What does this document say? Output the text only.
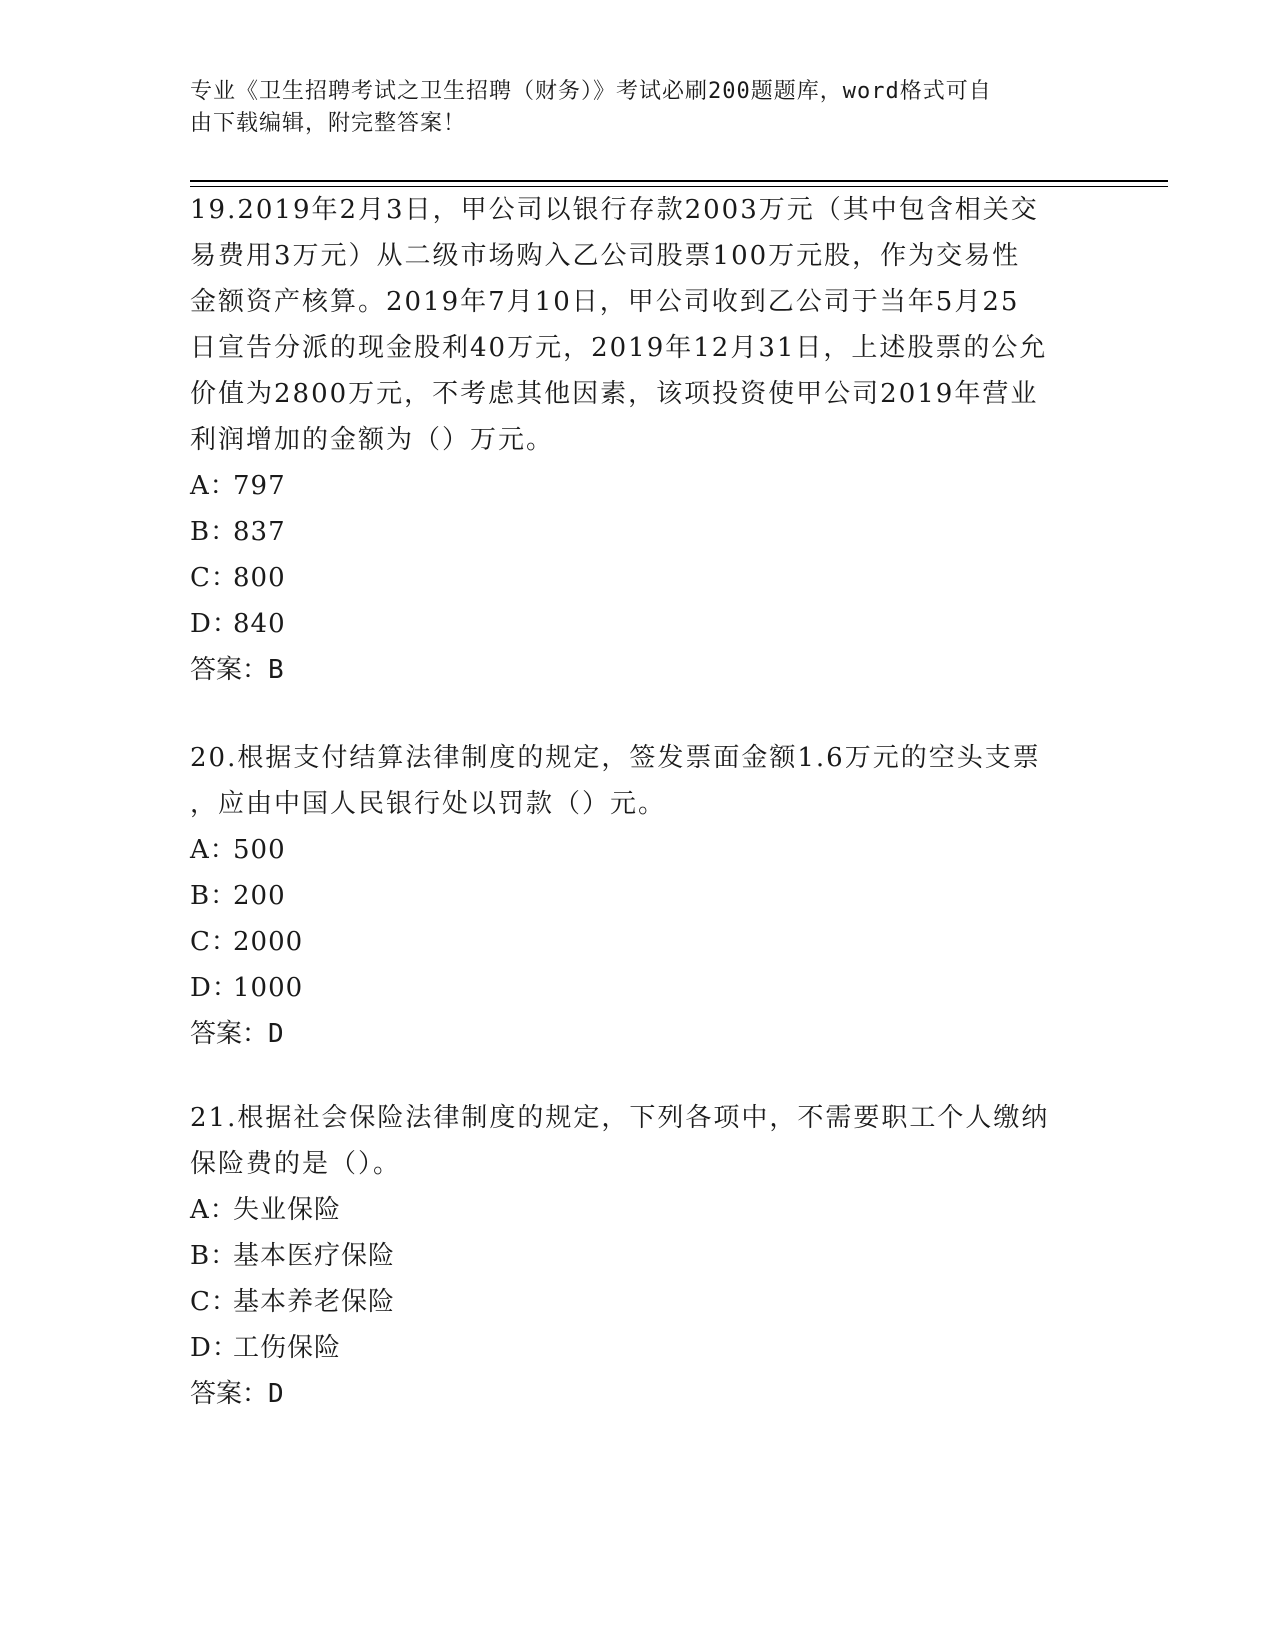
专业《卫生招聘考试之卫生招聘（财务）》考试必刷200题题库，word格式可自
由下载编辑，附完整答案！

19.2019年2月3日，甲公司以银行存款2003万元（其中包含相关交

易费用3万元）从二级市场购入乙公司股票100万元股，作为交易性

金额资产核算。2019年7月10日，甲公司收到乙公司于当年5月25

日宣告分派的现金股利40万元，2019年12月31日，上述股票的公允

价值为2800万元，不考虑其他因素，该项投资使甲公司2019年营业

利润增加的金额为（）万元。

A：797

B：837

C：800

D：840

答案：B

20.根据支付结算法律制度的规定，签发票面金额1.6万元的空头支票

，应由中国人民银行处以罚款（）元。

A：500

B：200

C：2000

D：1000

答案：D

21.根据社会保险法律制度的规定，下列各项中，不需要职工个人缴纳

保险费的是（）。

A：失业保险

B：基本医疗保险

C：基本养老保险

D：工伤保险

答案：D
